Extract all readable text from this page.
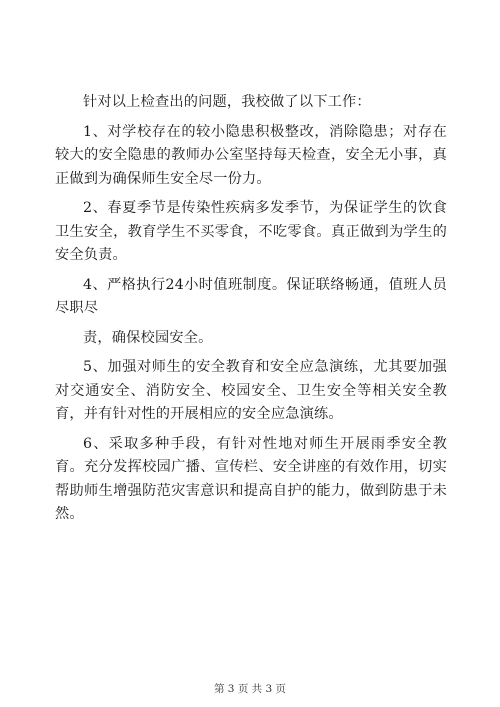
针对以上检查出的问题，我校做了以下工作：

1、对学校存在的较小隐患积极整改，消除隐患；对存在较大的安全隐患的教师办公室坚持每天检查，安全无小事，真正做到为确保师生安全尽一份力。

2、春夏季节是传染性疾病多发季节，为保证学生的饮食卫生安全，教育学生不买零食，不吃零食。真正做到为学生的安全负责。

4、严格执行24小时值班制度。保证联络畅通，值班人员尽职尽

责，确保校园安全。

5、加强对师生的安全教育和安全应急演练，尤其要加强对交通安全、消防安全、校园安全、卫生安全等相关安全教育，并有针对性的开展相应的安全应急演练。

6、采取多种手段，有针对性地对师生开展雨季安全教育。充分发挥校园广播、宣传栏、安全讲座的有效作用，切实帮助师生增强防范灾害意识和提高自护的能力，做到防患于未然。

第 3 页 共 3 页
